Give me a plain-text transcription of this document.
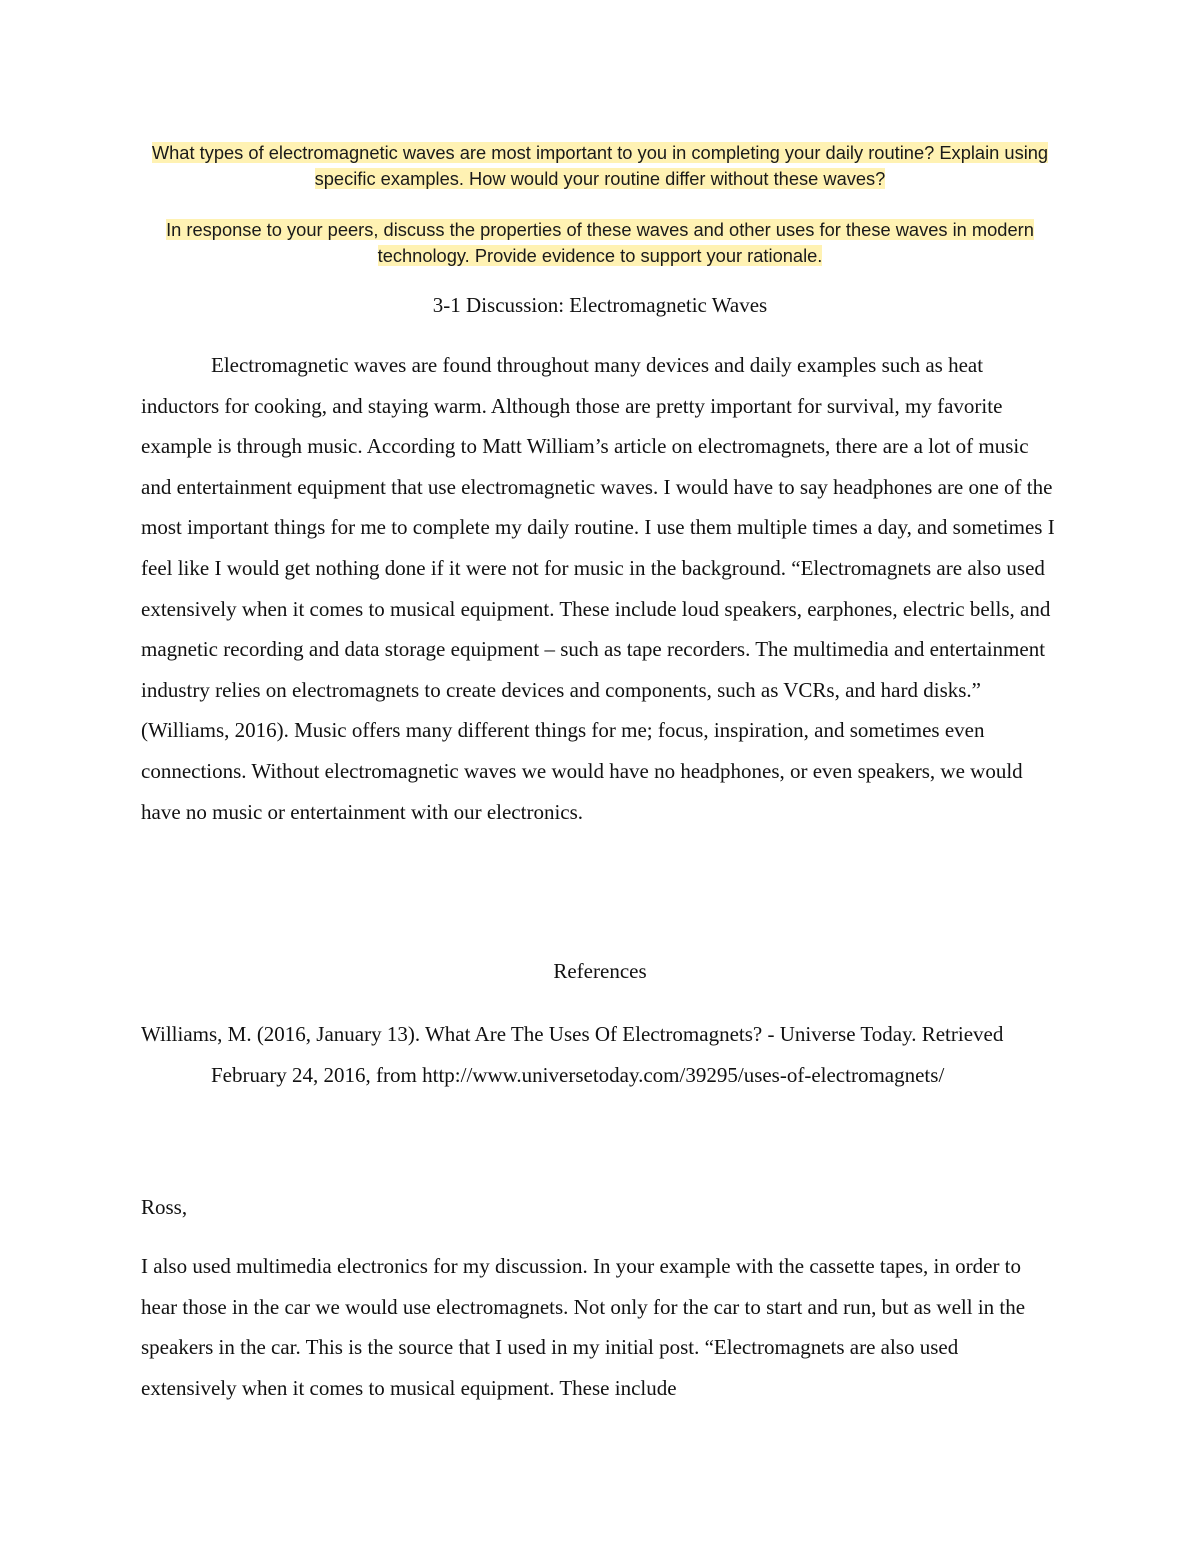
What types of electromagnetic waves are most important to you in completing your daily routine? Explain using specific examples. How would your routine differ without these waves?
In response to your peers, discuss the properties of these waves and other uses for these waves in modern technology. Provide evidence to support your rationale.
3-1 Discussion: Electromagnetic Waves

Electromagnetic waves are found throughout many devices and daily examples such as heat inductors for cooking, and staying warm. Although those are pretty important for survival, my favorite example is through music. According to Matt William’s article on electromagnets, there are a lot of music and entertainment equipment that use electromagnetic waves. I would have to say headphones are one of the most important things for me to complete my daily routine. I use them multiple times a day, and sometimes I feel like I would get nothing done if it were not for music in the background. “Electromagnets are also used extensively when it comes to musical equipment. These include loud speakers, earphones, electric bells, and magnetic recording and data storage equipment – such as tape recorders. The multimedia and entertainment industry relies on electromagnets to create devices and components, such as VCRs, and hard disks.” (Williams, 2016). Music offers many different things for me; focus, inspiration, and sometimes even connections. Without electromagnetic waves we would have no headphones, or even speakers, we would have no music or entertainment with our electronics.

References

Williams, M. (2016, January 13). What Are The Uses Of Electromagnets? - Universe Today. Retrieved February 24, 2016, from http://www.universetoday.com/39295/uses-of-electromagnets/

Ross,

I also used multimedia electronics for my discussion. In your example with the cassette tapes, in order to hear those in the car we would use electromagnets. Not only for the car to start and run, but as well in the speakers in the car. This is the source that I used in my initial post. “Electromagnets are also used extensively when it comes to musical equipment. These include
